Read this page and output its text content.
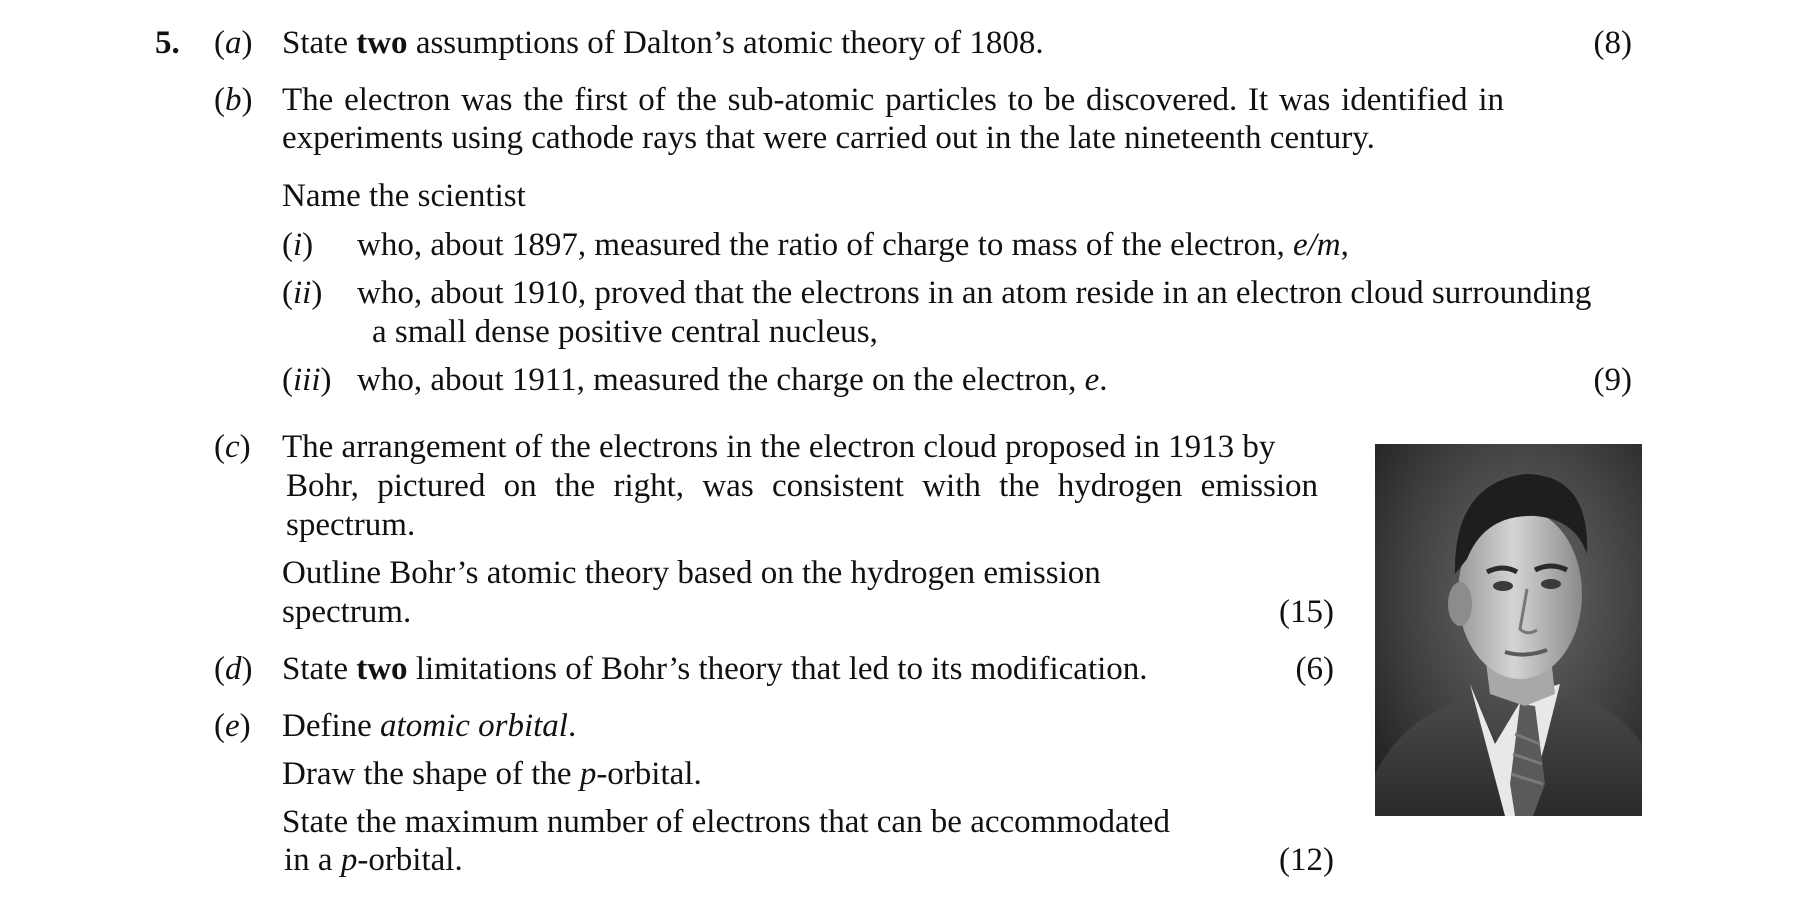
5. (a) State two assumptions of Dalton’s atomic theory of 1808.	(8)
(b) The electron was the first of the sub-atomic particles to be discovered. It was identified in
experiments using cathode rays that were carried out in the late nineteenth century.
Name the scientist
(i) who, about 1897, measured the ratio of charge to mass of the electron, e/m,
(ii) who, about 1910, proved that the electrons in an atom reside in an electron cloud surrounding
a small dense positive central nucleus,
(iii) who, about 1911, measured the charge on the electron, e.	(9)
(c) The arrangement of the electrons in the electron cloud proposed in 1913 by
Bohr, pictured on the right, was consistent with the hydrogen emission
spectrum.
Outline Bohr’s atomic theory based on the hydrogen emission
spectrum.	(15)
(d) State two limitations of Bohr’s theory that led to its modification.	(6)
(e) Define atomic orbital.
Draw the shape of the p-orbital.
State the maximum number of electrons that can be accommodated
in a p-orbital.	(12)
